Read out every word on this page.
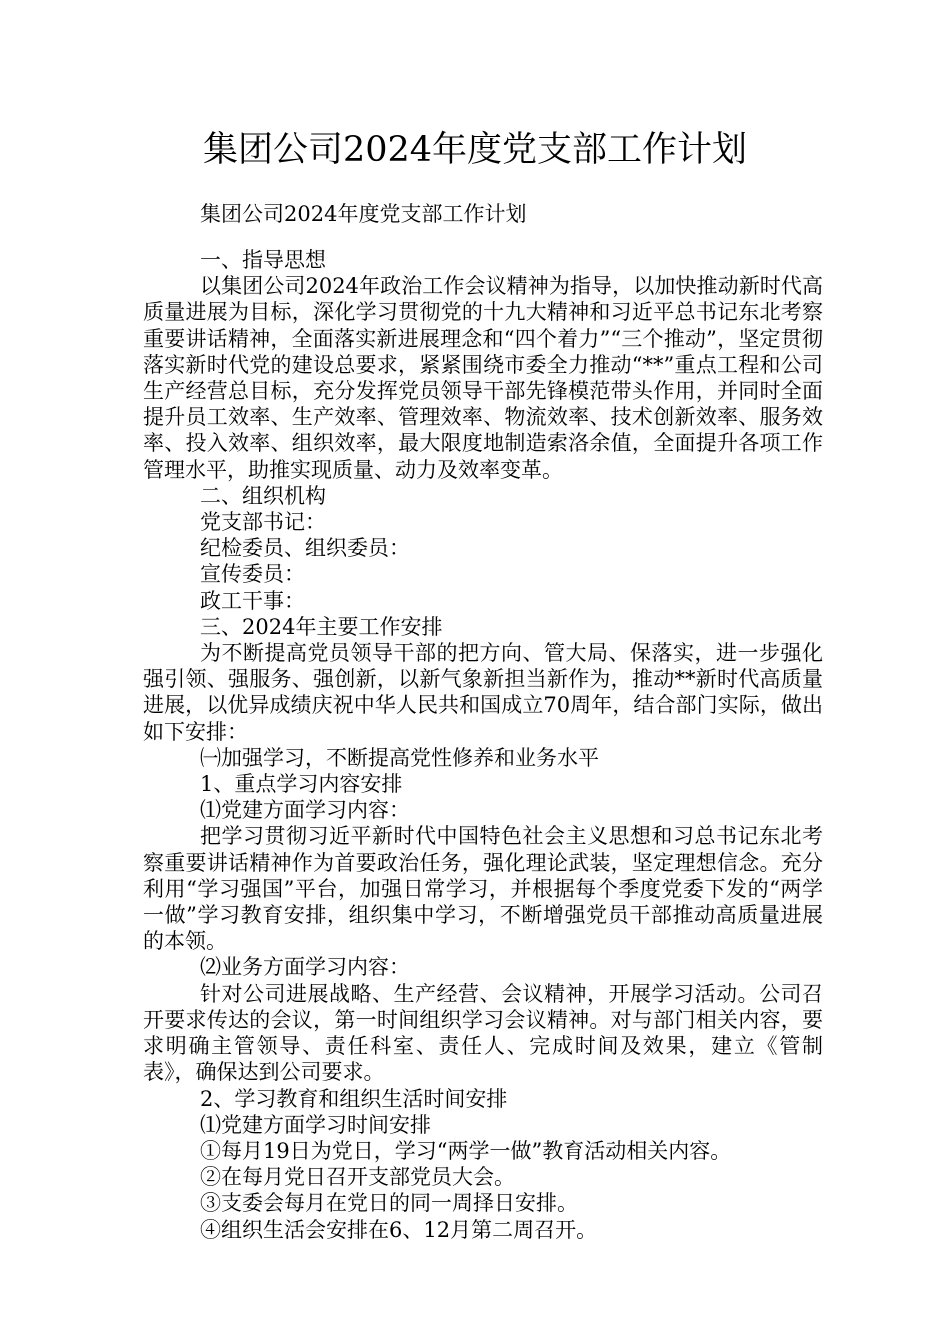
集团公司2024年度党支部工作计划
集团公司2024年度党支部工作计划

一、指导思想

以集团公司2024年政治工作会议精神为指导，以加快推动新时代高质量进展为目标，深化学习贯彻党的十九大精神和习近平总书记东北考察重要讲话精神，全面落实新进展理念和“四个着力”“三个推动”，坚定贯彻落实新时代党的建设总要求，紧紧围绕市委全力推动“**”重点工程和公司生产经营总目标，充分发挥党员领导干部先锋模范带头作用，并同时全面提升员工效率、生产效率、管理效率、物流效率、技术创新效率、服务效率、投入效率、组织效率，最大限度地制造索洛余值，全面提升各项工作管理水平，助推实现质量、动力及效率变革。

二、组织机构

党支部书记：

纪检委员、组织委员：

宣传委员：

政工干事：

三、2024年主要工作安排

为不断提高党员领导干部的把方向、管大局、保落实，进一步强化强引领、强服务、强创新，以新气象新担当新作为，推动**新时代高质量进展，以优异成绩庆祝中华人民共和国成立70周年，结合部门实际，做出如下安排：

㈠加强学习，不断提高党性修养和业务水平

1、重点学习内容安排

⑴党建方面学习内容：

把学习贯彻习近平新时代中国特色社会主义思想和习总书记东北考察重要讲话精神作为首要政治任务，强化理论武装，坚定理想信念。充分利用“学习强国”平台，加强日常学习，并根据每个季度党委下发的“两学一做”学习教育安排，组织集中学习，不断增强党员干部推动高质量进展的本领。

⑵业务方面学习内容：

针对公司进展战略、生产经营、会议精神，开展学习活动。公司召开要求传达的会议，第一时间组织学习会议精神。对与部门相关内容，要求明确主管领导、责任科室、责任人、完成时间及效果，建立《管制表》，确保达到公司要求。

2、学习教育和组织生活时间安排

⑴党建方面学习时间安排

①每月19日为党日，学习“两学一做”教育活动相关内容。

②在每月党日召开支部党员大会。

③支委会每月在党日的同一周择日安排。

④组织生活会安排在6、12月第二周召开。
